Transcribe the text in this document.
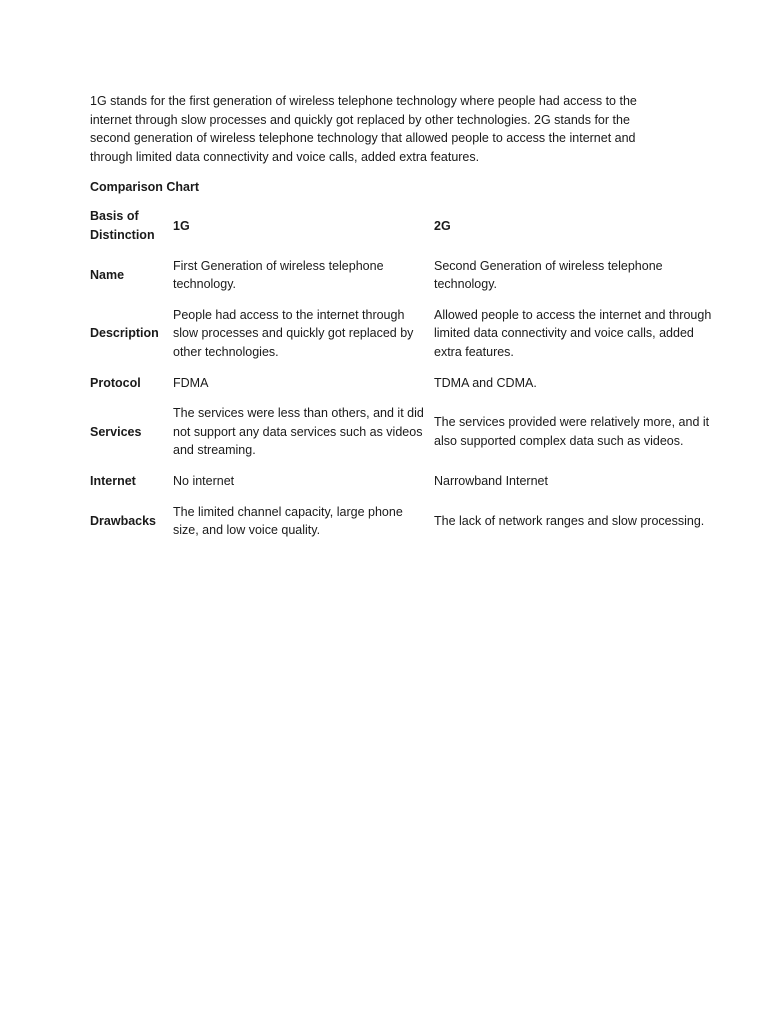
1G stands for the first generation of wireless telephone technology where people had access to the internet through slow processes and quickly got replaced by other technologies. 2G stands for the second generation of wireless telephone technology that allowed people to access the internet and through limited data connectivity and voice calls, added extra features.

Comparison Chart

Basis of Distinction	1G	2G
Name	First Generation of wireless telephone technology.	Second Generation of wireless telephone technology.
Description	People had access to the internet through slow processes and quickly got replaced by other technologies.	Allowed people to access the internet and through limited data connectivity and voice calls, added extra features.
Protocol	FDMA	TDMA and CDMA.
Services	The services were less than others, and it did not support any data services such as videos and streaming.	The services provided were relatively more, and it also supported complex data such as videos.
Internet	No internet	Narrowband Internet
Drawbacks	The limited channel capacity, large phone size, and low voice quality.	The lack of network ranges and slow processing.
